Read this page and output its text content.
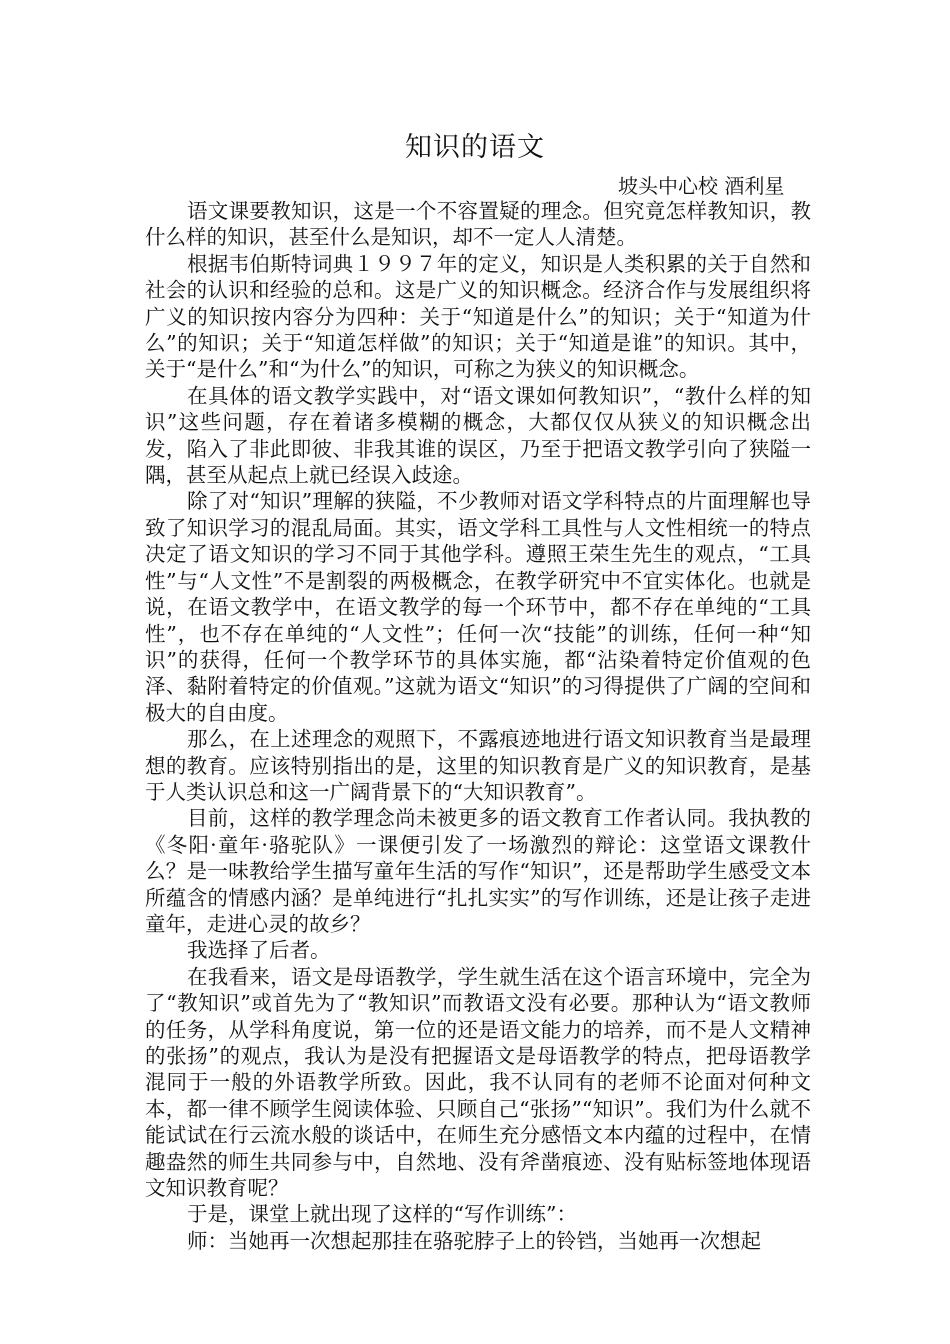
知识的语文
坡头中心校 酒利星

语文课要教知识，这是一个不容置疑的理念。但究竟怎样教知识，教什么样的知识，甚至什么是知识，却不一定人人清楚。

根据韦伯斯特词典１９９７年的定义，知识是人类积累的关于自然和社会的认识和经验的总和。这是广义的知识概念。经济合作与发展组织将广义的知识按内容分为四种：关于“知道是什么”的知识；关于“知道为什么”的知识；关于“知道怎样做”的知识；关于“知道是谁”的知识。其中，关于“是什么”和“为什么”的知识，可称之为狭义的知识概念。

在具体的语文教学实践中，对“语文课如何教知识”，“教什么样的知识”这些问题，存在着诸多模糊的概念，大都仅仅从狭义的知识概念出发，陷入了非此即彼、非我其谁的误区，乃至于把语文教学引向了狭隘一隅，甚至从起点上就已经误入歧途。

除了对“知识”理解的狭隘，不少教师对语文学科特点的片面理解也导致了知识学习的混乱局面。其实，语文学科工具性与人文性相统一的特点决定了语文知识的学习不同于其他学科。遵照王荣生先生的观点，“工具性”与“人文性”不是割裂的两极概念，在教学研究中不宜实体化。也就是说，在语文教学中，在语文教学的每一个环节中，都不存在单纯的“工具性”，也不存在单纯的“人文性”；任何一次“技能”的训练，任何一种“知识”的获得，任何一个教学环节的具体实施，都“沾染着特定价值观的色泽、黏附着特定的价值观。”这就为语文“知识”的习得提供了广阔的空间和极大的自由度。

那么，在上述理念的观照下，不露痕迹地进行语文知识教育当是最理想的教育。应该特别指出的是，这里的知识教育是广义的知识教育，是基于人类认识总和这一广阔背景下的“大知识教育”。

目前，这样的教学理念尚未被更多的语文教育工作者认同。我执教的《冬阳·童年·骆驼队》一课便引发了一场激烈的辩论：这堂语文课教什么？是一味教给学生描写童年生活的写作“知识”，还是帮助学生感受文本所蕴含的情感内涵？是单纯进行“扎扎实实”的写作训练，还是让孩子走进童年，走进心灵的故乡？

我选择了后者。

在我看来，语文是母语教学，学生就生活在这个语言环境中，完全为了“教知识”或首先为了“教知识”而教语文没有必要。那种认为“语文教师的任务，从学科角度说，第一位的还是语文能力的培养，而不是人文精神的张扬”的观点，我认为是没有把握语文是母语教学的特点，把母语教学混同于一般的外语教学所致。因此，我不认同有的老师不论面对何种文本，都一律不顾学生阅读体验、只顾自己“张扬”“知识”。我们为什么就不能试试在行云流水般的谈话中，在师生充分感悟文本内蕴的过程中，在情趣盎然的师生共同参与中，自然地、没有斧凿痕迹、没有贴标签地体现语文知识教育呢？

于是，课堂上就出现了这样的“写作训练”：

师：当她再一次想起那挂在骆驼脖子上的铃铛，当她再一次想起
